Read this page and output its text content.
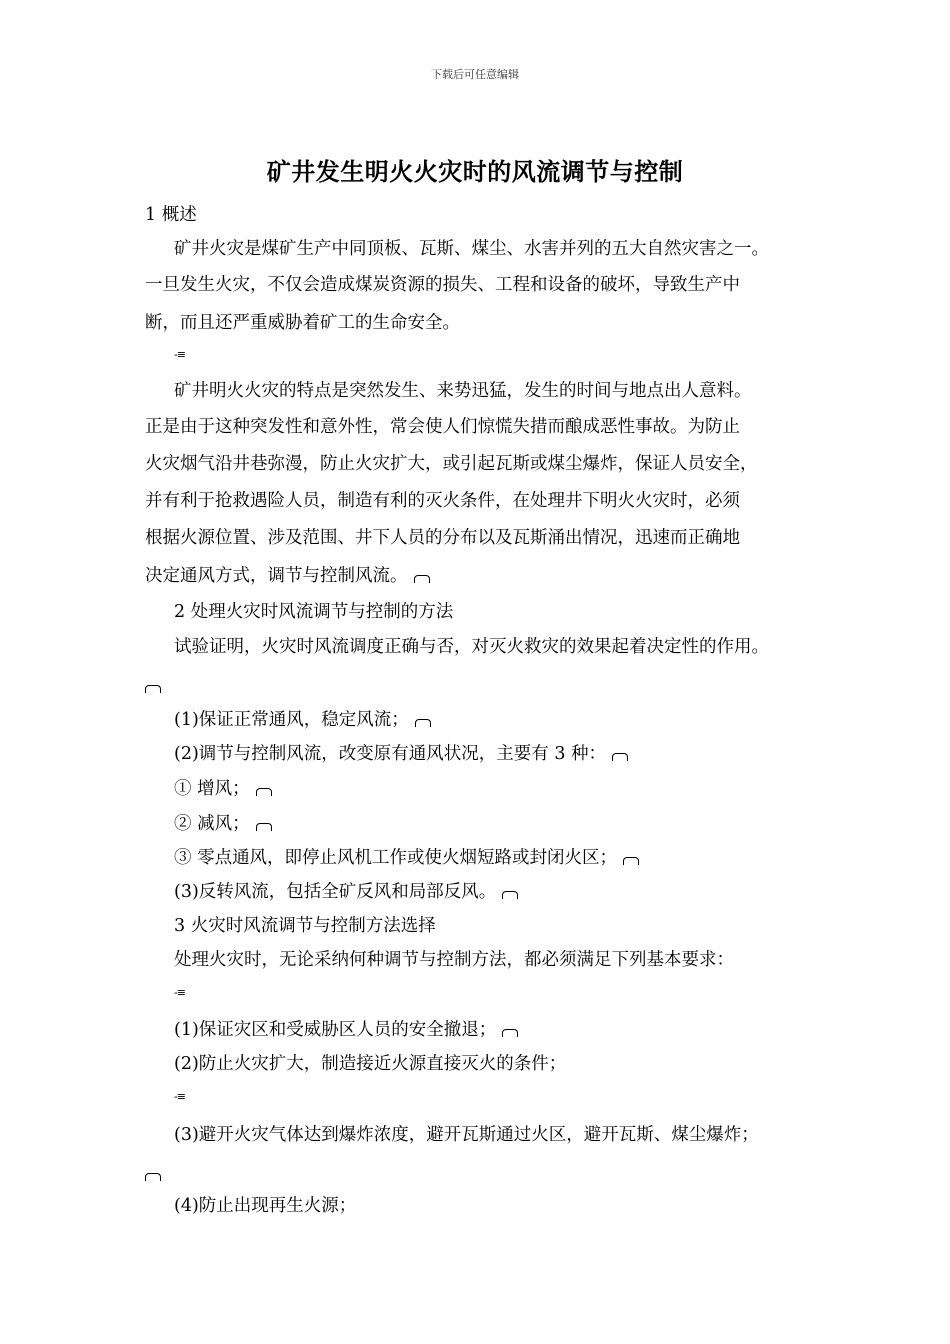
下载后可任意编辑
矿井发生明火火灾时的风流调节与控制
1 概述
矿井火灾是煤矿生产中同顶板、瓦斯、煤尘、水害并列的五大自然灾害之一。
一旦发生火灾，不仅会造成煤炭资源的损失、工程和设备的破坏，导致生产中
断，而且还严重威胁着矿工的生命安全。
-≡
矿井明火火灾的特点是突然发生、来势迅猛，发生的时间与地点出人意料。
正是由于这种突发性和意外性，常会使人们惊慌失措而酿成恶性事故。为防止
火灾烟气沿井巷弥漫，防止火灾扩大，或引起瓦斯或煤尘爆炸，保证人员安全，
并有利于抢救遇险人员，制造有利的灭火条件，在处理井下明火火灾时，必须
根据火源位置、涉及范围、井下人员的分布以及瓦斯涌出情况，迅速而正确地
决定通风方式，调节与控制风流。
2 处理火灾时风流调节与控制的方法
试验证明，火灾时风流调度正确与否，对灭火救灾的效果起着决定性的作用。
(1)保证正常通风，稳定风流；
(2)调节与控制风流，改变原有通风状况，主要有 3 种：
① 增风；
② 减风；
③ 零点通风，即停止风机工作或使火烟短路或封闭火区；
(3)反转风流，包括全矿反风和局部反风。
3 火灾时风流调节与控制方法选择
处理火灾时，无论采纳何种调节与控制方法，都必须满足下列基本要求：
-≡
(1)保证灾区和受威胁区人员的安全撤退；
(2)防止火灾扩大，制造接近火源直接灭火的条件；
-≡
(3)避开火灾气体达到爆炸浓度，避开瓦斯通过火区，避开瓦斯、煤尘爆炸；
(4)防止出现再生火源；
